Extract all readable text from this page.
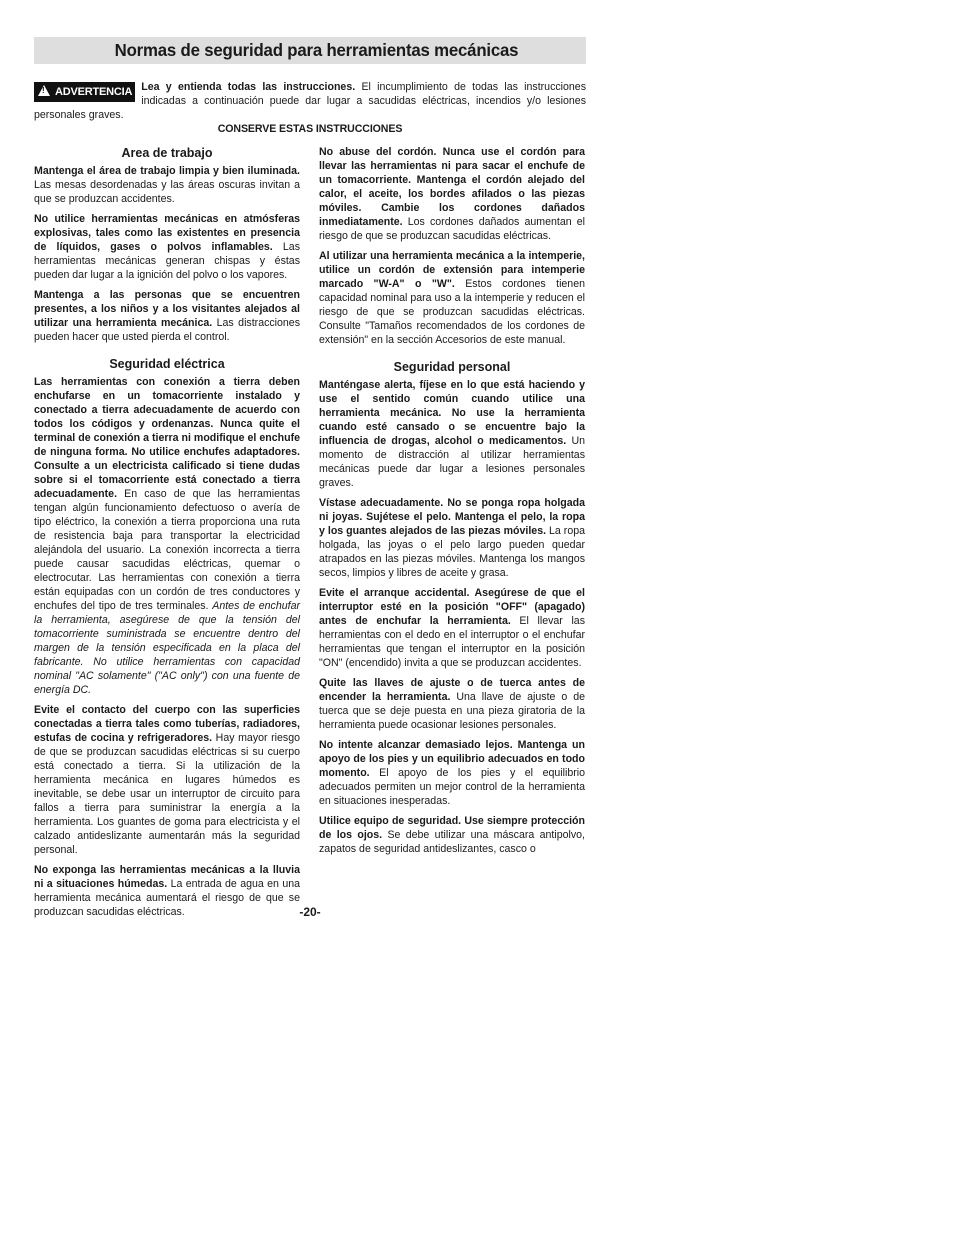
Normas de seguridad para herramientas mecánicas
!ADVERTENCIA Lea y entienda todas las instrucciones. El incumplimiento de todas las instrucciones indicadas a continuación puede dar lugar a sacudidas eléctricas, incendios y/o lesiones personales graves.

CONSERVE ESTAS INSTRUCCIONES
Area de trabajo

Mantenga el área de trabajo limpia y bien iluminada. Las mesas desordenadas y las áreas oscuras invitan a que se produzcan accidentes.

No utilice herramientas mecánicas en atmósferas explosivas, tales como las existentes en presencia de líquidos, gases o polvos inflamables. Las herramientas mecánicas generan chispas y éstas pueden dar lugar a la ignición del polvo o los vapores.

Mantenga a las personas que se encuentren presentes, a los niños y a los visitantes alejados al utilizar una herramienta mecánica. Las distracciones pueden hacer que usted pierda el control.

Seguridad eléctrica

Las herramientas con conexión a tierra deben enchufarse en un tomacorriente instalado y conectado a tierra adecuadamente de acuerdo con todos los códigos y ordenanzas. Nunca quite el terminal de conexión a tierra ni modifique el enchufe de ninguna forma. No utilice enchufes adaptadores. Consulte a un electricista calificado si tiene dudas sobre si el tomacorriente está conectado a tierra adecuadamente. En caso de que las herramientas tengan algún funcionamiento defectuoso o avería de tipo eléctrico, la conexión a tierra proporciona una ruta de resistencia baja para transportar la electricidad alejándola del usuario. La conexión incorrecta a tierra puede causar sacudidas eléctricas, quemar o electrocutar. Las herramientas con conexión a tierra están equipadas con un cordón de tres conductores y enchufes del tipo de tres terminales. Antes de enchufar la herramienta, asegúrese de que la tensión del tomacorriente suministrada se encuentre dentro del margen de la tensión especificada en la placa del fabricante. No utilice herramientas con capacidad nominal "AC solamente" ("AC only") con una fuente de energía DC.

Evite el contacto del cuerpo con las superficies conectadas a tierra tales como tuberías, radiadores, estufas de cocina y refrigeradores. Hay mayor riesgo de que se produzcan sacudidas eléctricas si su cuerpo está conectado a tierra. Si la utilización de la herramienta mecánica en lugares húmedos es inevitable, se debe usar un interruptor de circuito para fallos a tierra para suministrar la energía a la herramienta. Los guantes de goma para electricista y el calzado antideslizante aumentarán más la seguridad personal.

No exponga las herramientas mecánicas a la lluvia ni a situaciones húmedas. La entrada de agua en una herramienta mecánica aumentará el riesgo de que se produzcan sacudidas eléctricas.

No abuse del cordón. Nunca use el cordón para llevar las herramientas ni para sacar el enchufe de un tomacorriente. Mantenga el cordón alejado del calor, el aceite, los bordes afilados o las piezas móviles. Cambie los cordones dañados inmediatamente. Los cordones dañados aumentan el riesgo de que se produzcan sacudidas eléctricas.

Al utilizar una herramienta mecánica a la intemperie, utilice un cordón de extensión para intemperie marcado "W-A" o "W". Estos cordones tienen capacidad nominal para uso a la intemperie y reducen el riesgo de que se produzcan sacudidas eléctricas. Consulte "Tamaños recomendados de los cordones de extensión" en la sección Accesorios de este manual.

Seguridad personal

Manténgase alerta, fíjese en lo que está haciendo y use el sentido común cuando utilice una herramienta mecánica. No use la herramienta cuando esté cansado o se encuentre bajo la influencia de drogas, alcohol o medicamentos. Un momento de distracción al utilizar herramientas mecánicas puede dar lugar a lesiones personales graves.

Vístase adecuadamente. No se ponga ropa holgada ni joyas. Sujétese el pelo. Mantenga el pelo, la ropa y los guantes alejados de las piezas móviles. La ropa holgada, las joyas o el pelo largo pueden quedar atrapados en las piezas móviles. Mantenga los mangos secos, limpios y libres de aceite y grasa.

Evite el arranque accidental. Asegúrese de que el interruptor esté en la posición "OFF" (apagado) antes de enchufar la herramienta. El llevar las herramientas con el dedo en el interruptor o el enchufar herramientas que tengan el interruptor en la posición "ON" (encendido) invita a que se produzcan accidentes.

Quite las llaves de ajuste o de tuerca antes de encender la herramienta. Una llave de ajuste o de tuerca que se deje puesta en una pieza giratoria de la herramienta puede ocasionar lesiones personales.

No intente alcanzar demasiado lejos. Mantenga un apoyo de los pies y un equilibrio adecuados en todo momento. El apoyo de los pies y el equilibrio adecuados permiten un mejor control de la herramienta en situaciones inesperadas.

Utilice equipo de seguridad. Use siempre protección de los ojos. Se debe utilizar una máscara antipolvo, zapatos de seguridad antideslizantes, casco o

-20-
